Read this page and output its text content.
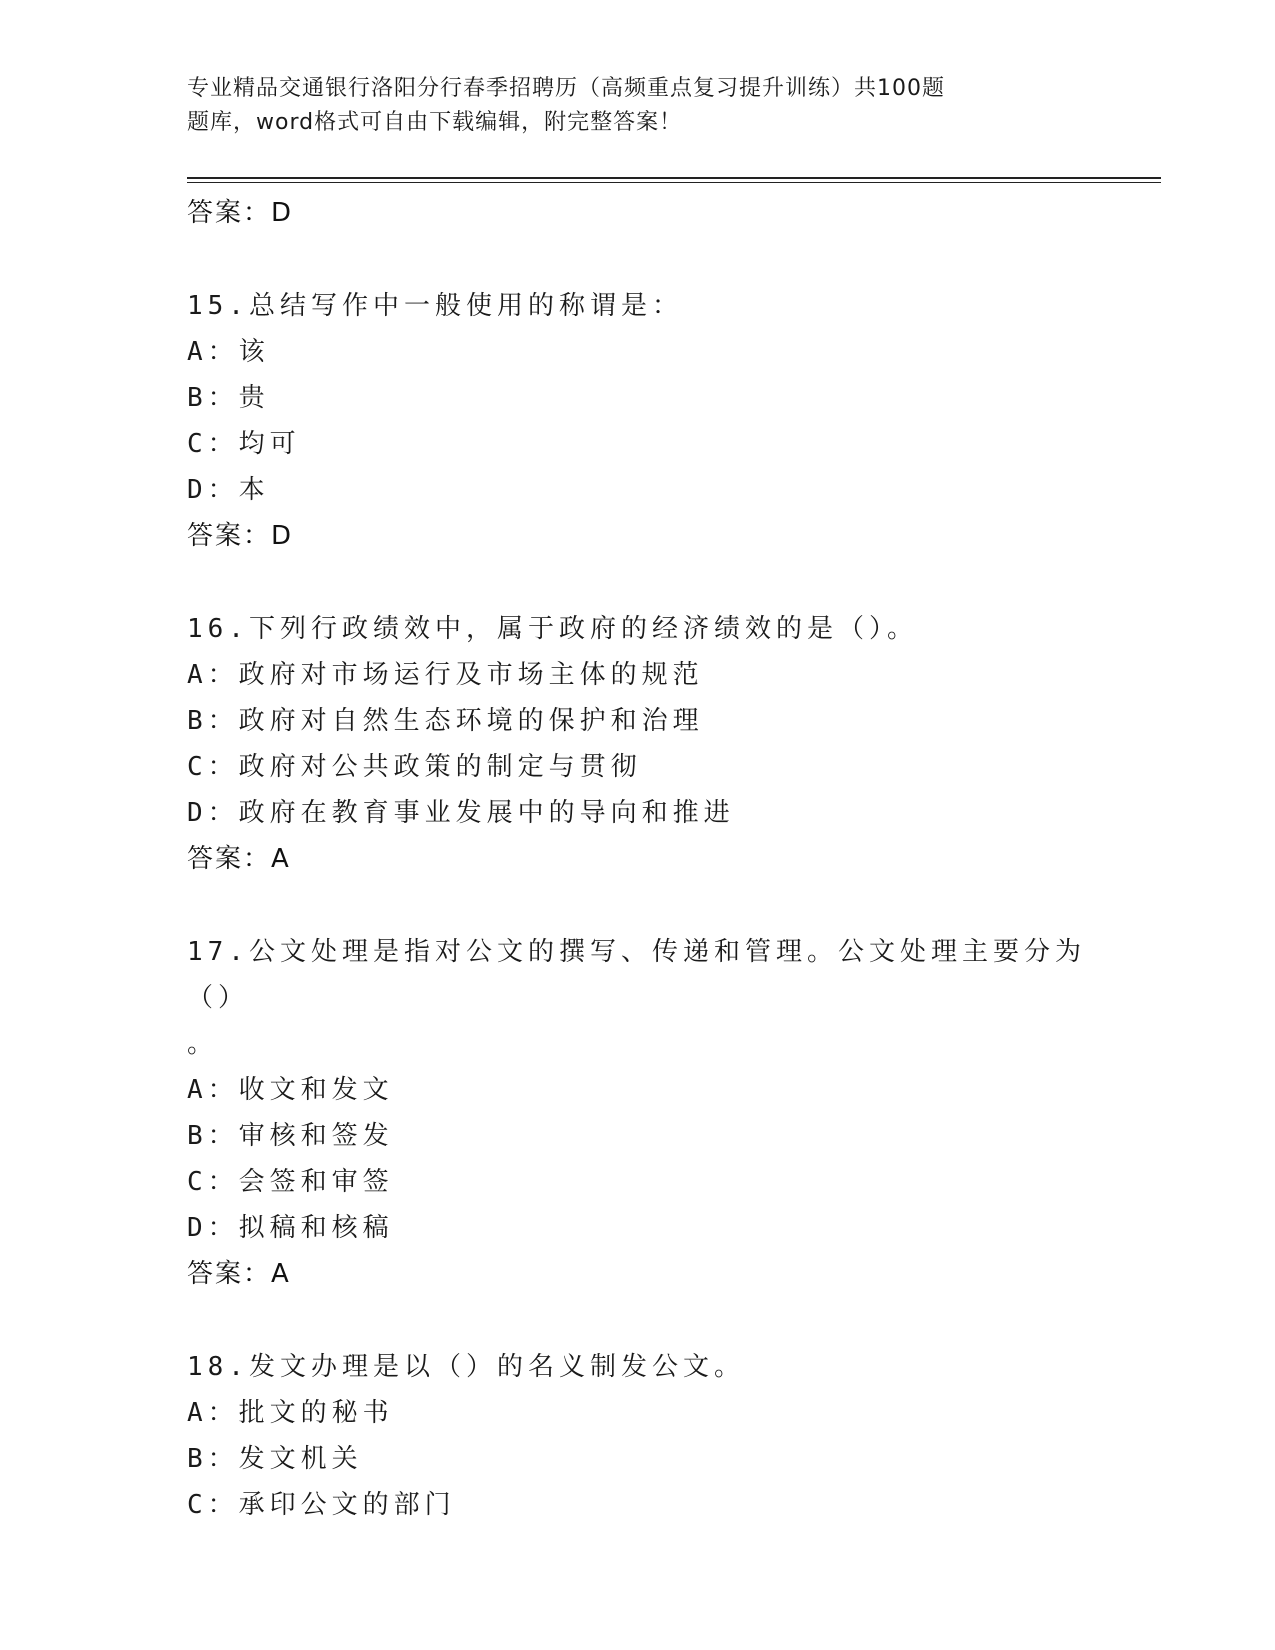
专业精品交通银行洛阳分行春季招聘历（高频重点复习提升训练）共100题
题库，word格式可自由下载编辑，附完整答案！
答案：D
15.总结写作中一般使用的称谓是：
A：该
B：贵
C：均可
D：本
答案：D
16.下列行政绩效中，属于政府的经济绩效的是（）。
A：政府对市场运行及市场主体的规范
B：政府对自然生态环境的保护和治理
C：政府对公共政策的制定与贯彻
D：政府在教育事业发展中的导向和推进
答案：A
17.公文处理是指对公文的撰写、传递和管理。公文处理主要分为（）
。
A：收文和发文
B：审核和签发
C：会签和审签
D：拟稿和核稿
答案：A
18.发文办理是以（）的名义制发公文。
A：批文的秘书
B：发文机关
C：承印公文的部门
